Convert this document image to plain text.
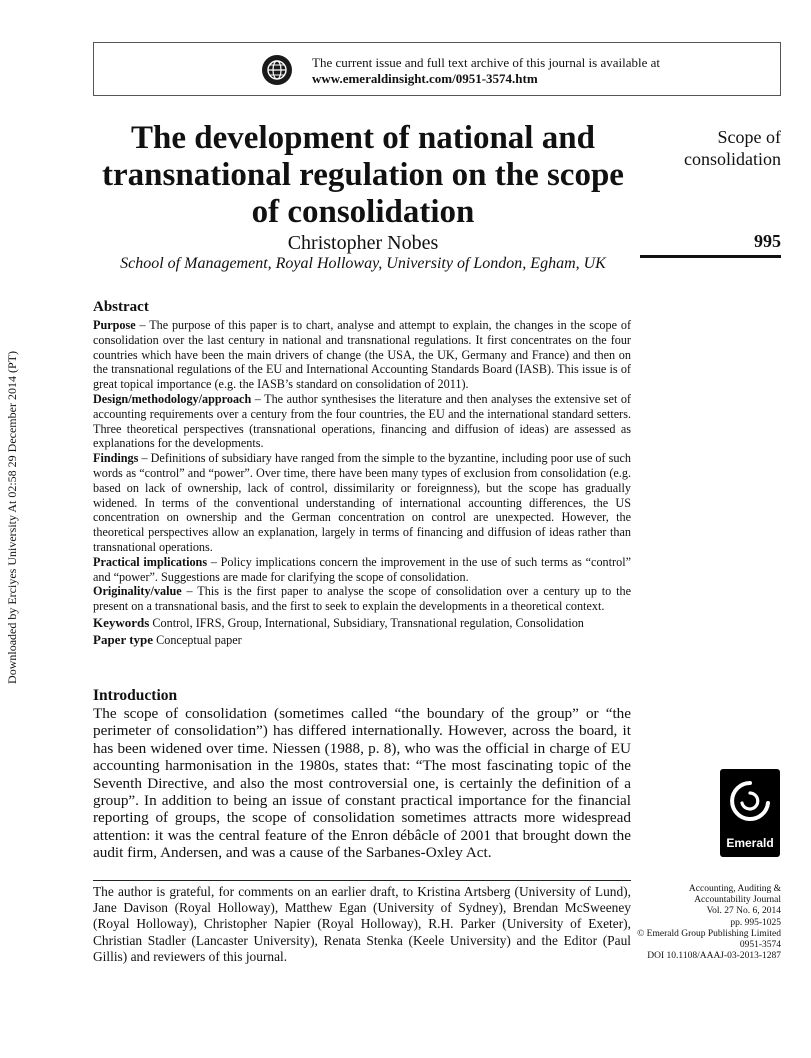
The current issue and full text archive of this journal is available at
www.emeraldinsight.com/0951-3574.htm
The development of national and transnational regulation on the scope of consolidation
Christopher Nobes
School of Management, Royal Holloway, University of London, Egham, UK
Scope of
consolidation
995
Downloaded by Erciyes University At 02:58 29 December 2014 (PT)
Abstract

Purpose – The purpose of this paper is to chart, analyse and attempt to explain, the changes in the scope of consolidation over the last century in national and transnational regulations. It first concentrates on the four countries which have been the main drivers of change (the USA, the UK, Germany and France) and then on the transnational regulations of the EU and International Accounting Standards Board (IASB). This issue is of great topical importance (e.g. the IASB’s standard on consolidation of 2011).

Design/methodology/approach – The author synthesises the literature and then analyses the extensive set of accounting requirements over a century from the four countries, the EU and the international standard setters. Three theoretical perspectives (transnational operations, financing and diffusion of ideas) are assessed as explanations for the developments.

Findings – Definitions of subsidiary have ranged from the simple to the byzantine, including poor use of such words as “control” and “power”. Over time, there have been many types of exclusion from consolidation (e.g. based on lack of ownership, lack of control, dissimilarity or foreignness), but the scope has gradually widened. In terms of the conventional understanding of international accounting differences, the US concentration on ownership and the German concentration on control are unexpected. However, the theoretical perspectives allow an explanation, largely in terms of financing and diffusion of ideas rather than transnational operations.

Practical implications – Policy implications concern the improvement in the use of such terms as “control” and “power”. Suggestions are made for clarifying the scope of consolidation.

Originality/value – This is the first paper to analyse the scope of consolidation over a century up to the present on a transnational basis, and the first to seek to explain the developments in a theoretical context.

Keywords Control, IFRS, Group, International, Subsidiary, Transnational regulation, Consolidation

Paper type Conceptual paper

Introduction

The scope of consolidation (sometimes called “the boundary of the group” or “the perimeter of consolidation”) has differed internationally. However, across the board, it has been widened over time. Niessen (1988, p. 8), who was the official in charge of EU accounting harmonisation in the 1980s, states that: “The most fascinating topic of the Seventh Directive, and also the most controversial one, is certainly the definition of a group”. In addition to being an issue of constant practical importance for the financial reporting of groups, the scope of consolidation sometimes attracts more widespread attention: it was the central feature of the Enron débâcle of 2001 that brought down the audit firm, Andersen, and was a cause of the Sarbanes-Oxley Act.

Emerald

The author is grateful, for comments on an earlier draft, to Kristina Artsberg (University of Lund), Jane Davison (Royal Holloway), Matthew Egan (University of Sydney), Brendan McSweeney (Royal Holloway), Christopher Napier (Royal Holloway), R.H. Parker (University of Exeter), Christian Stadler (Lancaster University), Renata Stenka (Keele University) and the Editor (Paul Gillis) and reviewers of this journal.

Accounting, Auditing &
Accountability Journal
Vol. 27 No. 6, 2014
pp. 995-1025
© Emerald Group Publishing Limited
0951-3574
DOI 10.1108/AAAJ-03-2013-1287
